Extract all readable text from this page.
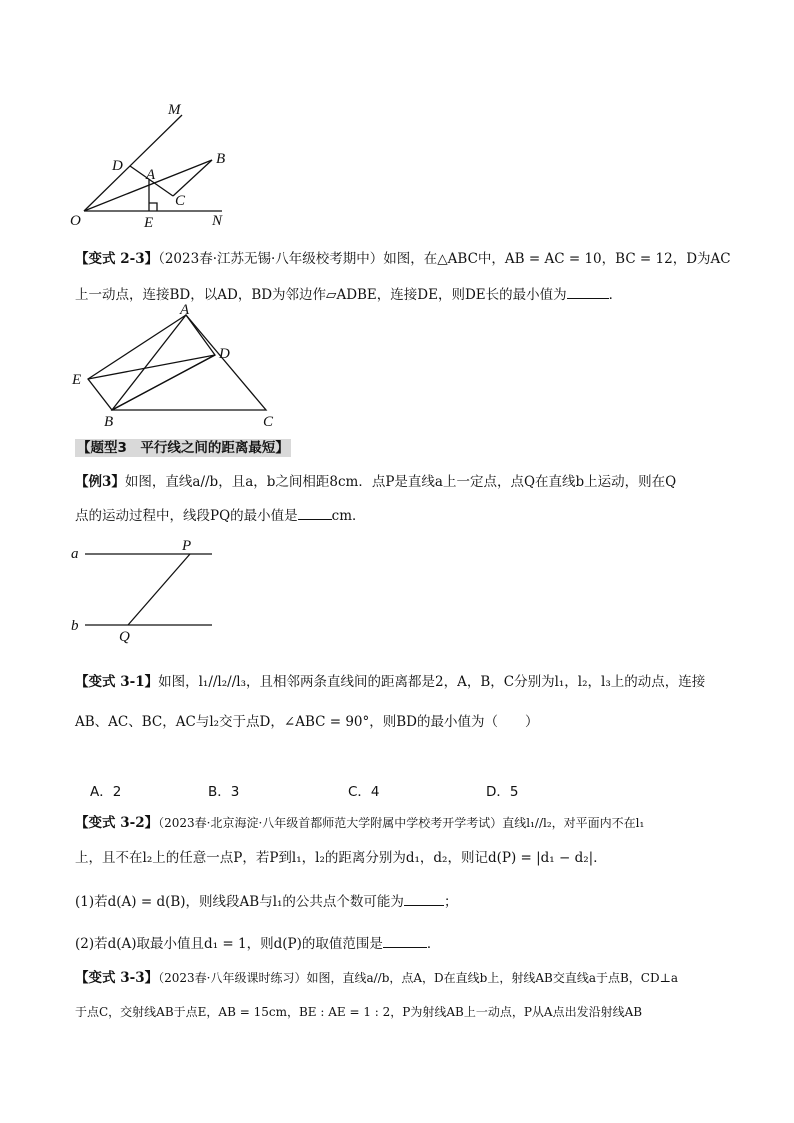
M
D
A
B
C
O	E	N
【变式 2-3】（2023春·江苏无锡·八年级校考期中）如图，在△ABC中，AB = AC = 10，BC = 12，D为AC
上一动点，连接BD，以AD，BD为邻边作▱ADBE，连接DE，则DE长的最小值为	．
A
D
E
B	C
【题型3　平行线之间的距离最短】
【例3】如图，直线a//b，且a，b之间相距8cm．点P是直线a上一定点，点Q在直线b上运动，则在Q
点的运动过程中，线段PQ的最小值是	cm．
a
b
P
Q
【变式 3-1】如图，l₁//l₂//l₃，且相邻两条直线间的距离都是2，A，B，C分别为l₁，l₂，l₃上的动点，连接
AB、AC、BC，AC与l₂交于点D，∠ABC = 90°，则BD的最小值为（　　）
A．2	B．3	C．4	D．5
【变式 3-2】（2023春·北京海淀·八年级首都师范大学附属中学校考开学考试）直线l₁//l₂，对平面内不在l₁
上，且不在l₂上的任意一点P，若P到l₁，l₂的距离分别为d₁，d₂，则记d(P) = |d₁ − d₂|．
(1)若d(A) = d(B)，则线段AB与l₁的公共点个数可能为	；
(2)若d(A)取最小值且d₁ = 1，则d(P)的取值范围是	．
【变式 3-3】（2023春·八年级课时练习）如图，直线a//b，点A，D在直线b上，射线AB交直线a于点B，CD⊥a
于点C，交射线AB于点E，AB = 15cm，BE : AE = 1 : 2，P为射线AB上一动点，P从A点出发沿射线AB
